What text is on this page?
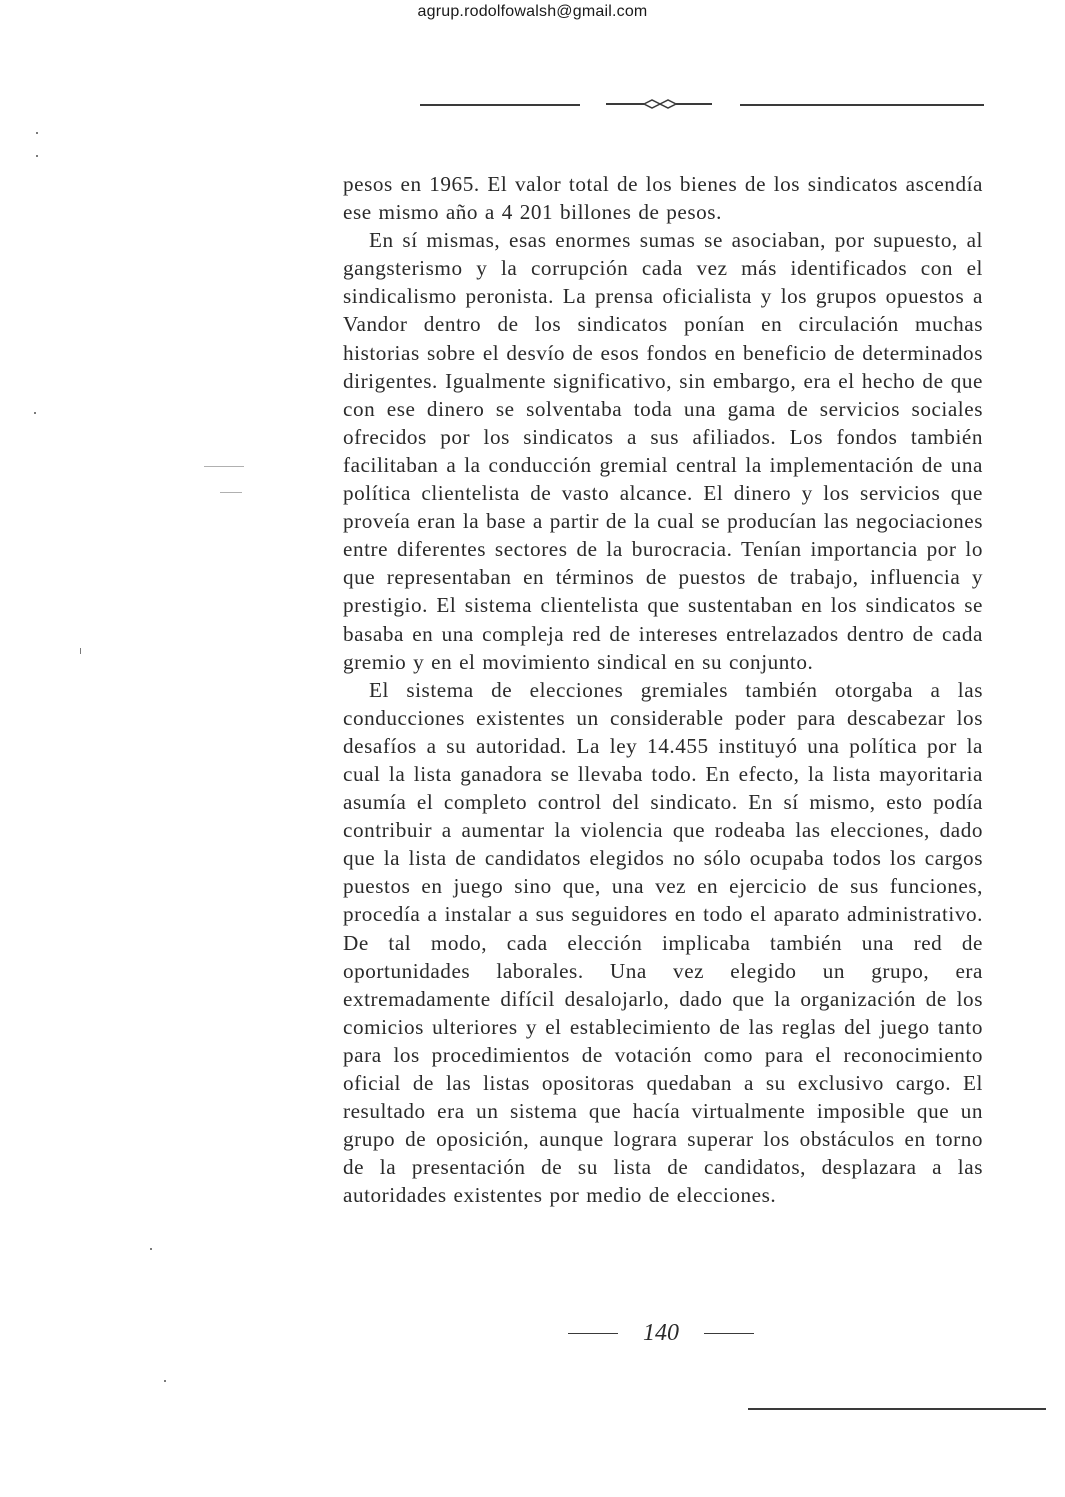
agrup.rodolfowalsh@gmail.com

pesos en 1965. El valor total de los bienes de los sindicatos ascendía ese mismo año a 4 201 billones de pesos.

En sí mismas, esas enormes sumas se asociaban, por supuesto, al gangsterismo y la corrupción cada vez más identificados con el sindicalismo peronista. La prensa oficialista y los grupos opuestos a Vandor dentro de los sindicatos ponían en circulación muchas historias sobre el desvío de esos fondos en beneficio de determinados dirigentes. Igualmente significativo, sin embargo, era el hecho de que con ese dinero se solventaba toda una gama de servicios sociales ofrecidos por los sindicatos a sus afiliados. Los fondos también facilitaban a la conducción gremial central la implementación de una política clientelista de vasto alcance. El dinero y los servicios que proveía eran la base a partir de la cual se producían las negociaciones entre diferentes sectores de la burocracia. Tenían importancia por lo que representaban en términos de puestos de trabajo, influencia y prestigio. El sistema clientelista que sustentaban en los sindicatos se basaba en una compleja red de intereses entrelazados dentro de cada gremio y en el movimiento sindical en su conjunto.

El sistema de elecciones gremiales también otorgaba a las conducciones existentes un considerable poder para descabezar los desafíos a su autoridad. La ley 14.455 instituyó una política por la cual la lista ganadora se llevaba todo. En efecto, la lista mayoritaria asumía el completo control del sindicato. En sí mismo, esto podía contribuir a aumentar la violencia que rodeaba las elecciones, dado que la lista de candidatos elegidos no sólo ocupaba todos los cargos puestos en juego sino que, una vez en ejercicio de sus funciones, procedía a instalar a sus seguidores en todo el aparato administrativo. De tal modo, cada elección implicaba también una red de oportunidades laborales. Una vez elegido un grupo, era extremadamente difícil desalojarlo, dado que la organización de los comicios ulteriores y el establecimiento de las reglas del juego tanto para los procedimientos de votación como para el reconocimiento oficial de las listas opositoras quedaban a su exclusivo cargo. El resultado era un sistema que hacía virtualmente imposible que un grupo de oposición, aunque lograra superar los obstáculos en torno de la presentación de su lista de candidatos, desplazara a las autoridades existentes por medio de elecciones.

140
